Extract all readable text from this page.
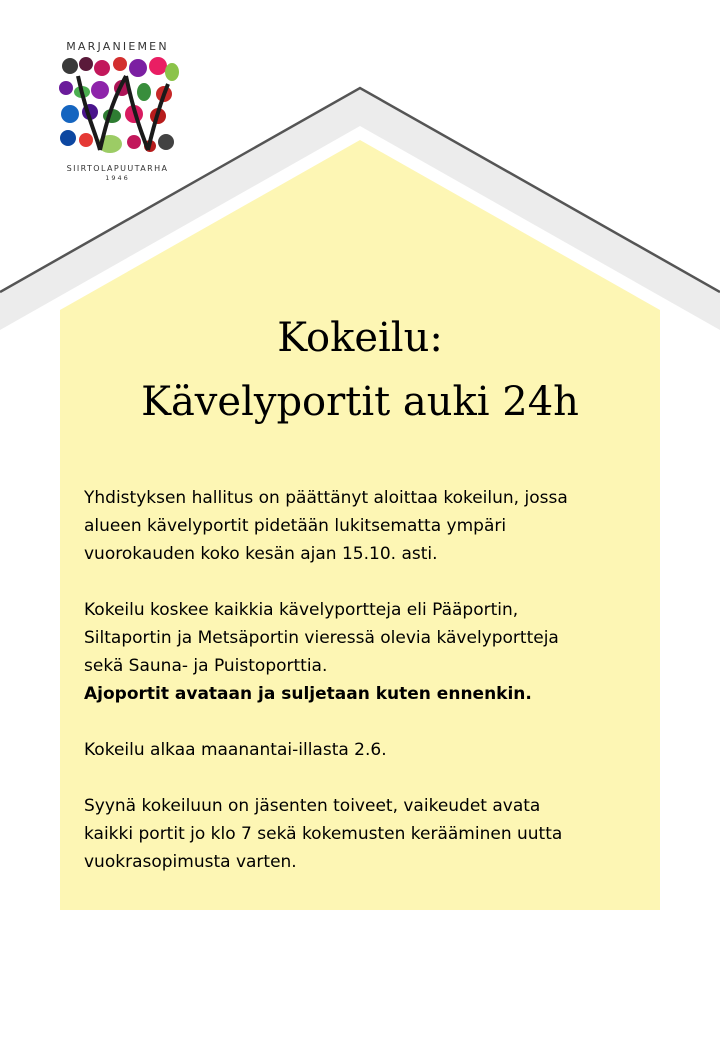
MARJANIEMEN
SIIRTOLAPUUTARHA
1946
Kokeilu:
Kävelyportit auki 24h

Yhdistyksen hallitus on päättänyt aloittaa kokeilun, jossa

alueen kävelyportit pidetään lukitsematta ympäri

vuorokauden koko kesän ajan 15.10. asti.

Kokeilu koskee kaikkia kävelyportteja eli Pääportin,

Siltaportin ja Metsäportin vieressä olevia kävelyportteja

sekä Sauna- ja Puistoporttia.

Ajoportit avataan ja suljetaan kuten ennenkin.

Kokeilu alkaa maanantai-illasta 2.6.

Syynä kokeiluun on jäsenten toiveet, vaikeudet avata

kaikki portit jo klo 7 sekä kokemusten kerääminen uutta

vuokrasopimusta varten.
